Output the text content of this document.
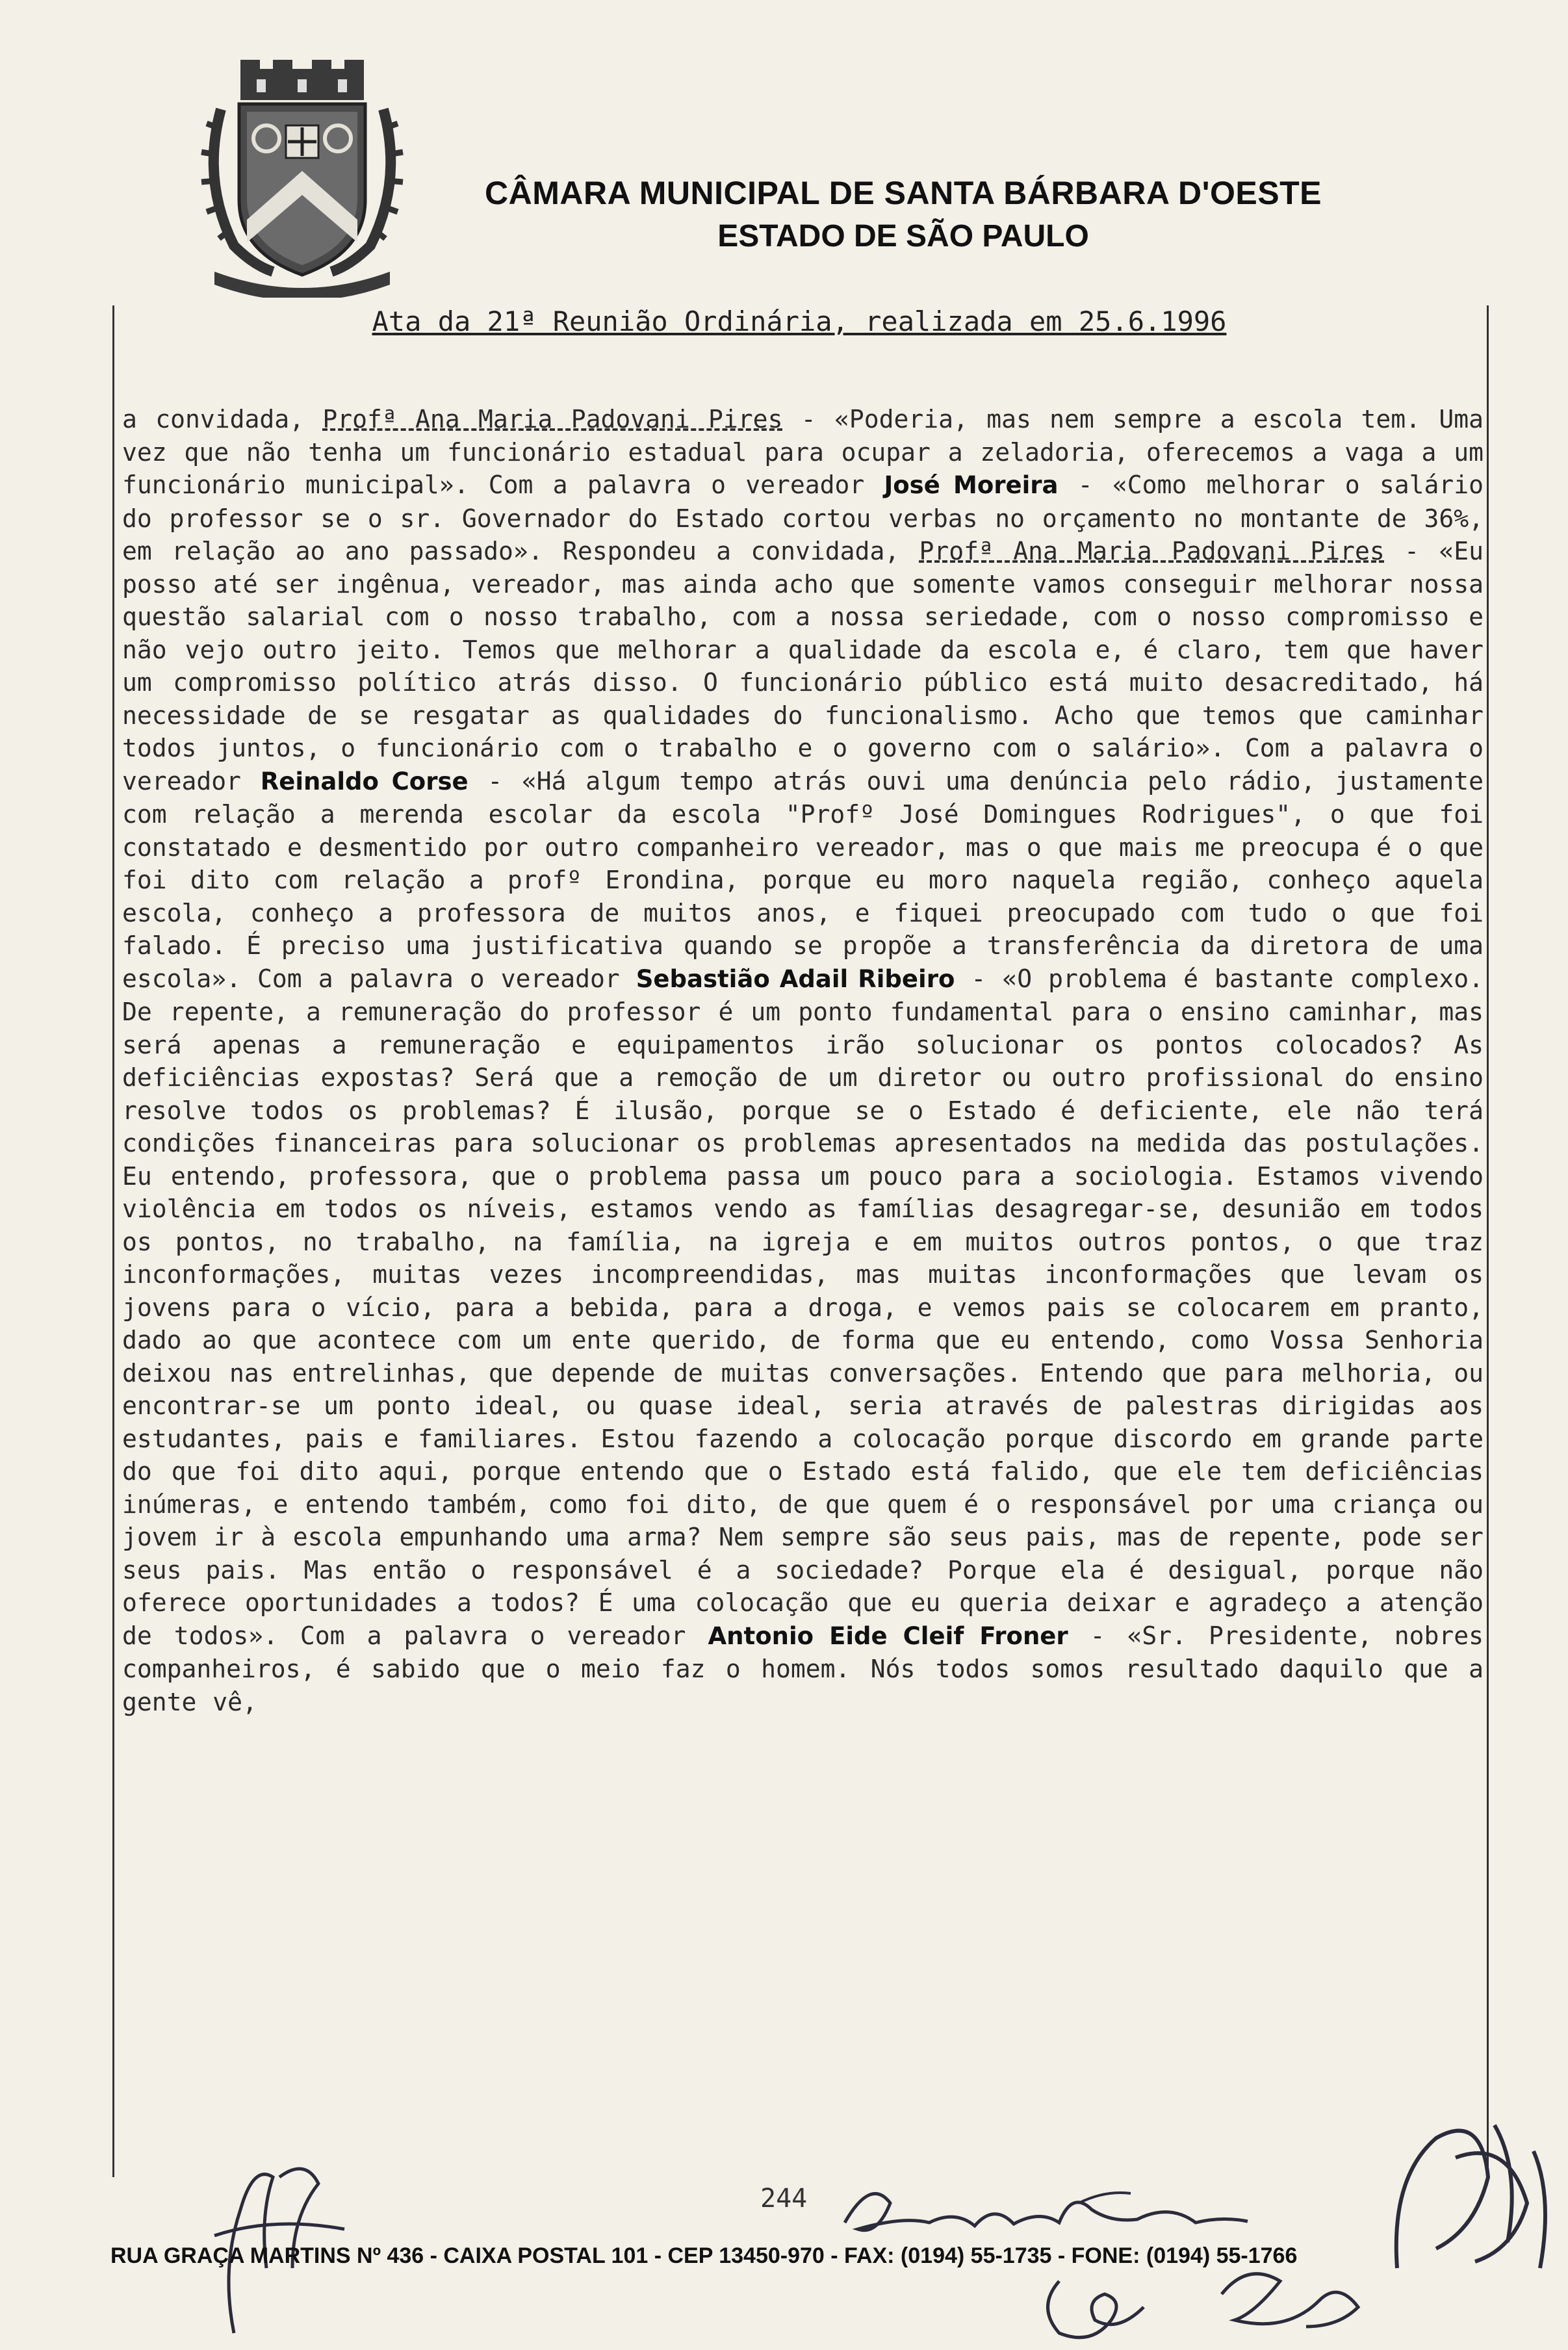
CÂMARA MUNICIPAL DE SANTA BÁRBARA D'OESTE
ESTADO DE SÃO PAULO
Ata da 21ª Reunião Ordinária, realizada em 25.6.1996

a convidada, Profª Ana Maria Padovani Pires - «Poderia, mas nem sempre a escola tem. Uma vez que não tenha um funcionário estadual para ocupar a zeladoria, oferecemos a vaga a um funcionário municipal». Com a palavra o vereador José Moreira - «Como melhorar o salário do professor se o sr. Governador do Estado cortou verbas no orçamento no montante de 36%, em relação ao ano passado». Respondeu a convidada, Profª Ana Maria Padovani Pires - «Eu posso até ser ingênua, vereador, mas ainda acho que somente vamos conseguir melhorar nossa questão salarial com o nosso trabalho, com a nossa seriedade, com o nosso compromisso e não vejo outro jeito. Temos que melhorar a qualidade da escola e, é claro, tem que haver um compromisso político atrás disso. O funcionário público está muito desacreditado, há necessidade de se resgatar as qualidades do funcionalismo. Acho que temos que caminhar todos juntos, o funcionário com o trabalho e o governo com o salário». Com a palavra o vereador Reinaldo Corse - «Há algum tempo atrás ouvi uma denúncia pelo rádio, justamente com relação a merenda escolar da escola "Profº José Domingues Rodrigues", o que foi constatado e desmentido por outro companheiro vereador, mas o que mais me preocupa é o que foi dito com relação a profº Erondina, porque eu moro naquela região, conheço aquela escola, conheço a professora de muitos anos, e fiquei preocupado com tudo o que foi falado. É preciso uma justificativa quando se propõe a transferência da diretora de uma escola». Com a palavra o vereador Sebastião Adail Ribeiro - «O problema é bastante complexo. De repente, a remuneração do professor é um ponto fundamental para o ensino caminhar, mas será apenas a remuneração e equipamentos irão solucionar os pontos colocados? As deficiências expostas? Será que a remoção de um diretor ou outro profissional do ensino resolve todos os problemas? É ilusão, porque se o Estado é deficiente, ele não terá condições financeiras para solucionar os problemas apresentados na medida das postulações. Eu entendo, professora, que o problema passa um pouco para a sociologia. Estamos vivendo violência em todos os níveis, estamos vendo as famílias desagregar-se, desunião em todos os pontos, no trabalho, na família, na igreja e em muitos outros pontos, o que traz inconformações, muitas vezes incompreendidas, mas muitas inconformações que levam os jovens para o vício, para a bebida, para a droga, e vemos pais se colocarem em pranto, dado ao que acontece com um ente querido, de forma que eu entendo, como Vossa Senhoria deixou nas entrelinhas, que depende de muitas conversações. Entendo que para melhoria, ou encontrar-se um ponto ideal, ou quase ideal, seria através de palestras dirigidas aos estudantes, pais e familiares. Estou fazendo a colocação porque discordo em grande parte do que foi dito aqui, porque entendo que o Estado está falido, que ele tem deficiências inúmeras, e entendo também, como foi dito, de que quem é o responsável por uma criança ou jovem ir à escola empunhando uma arma? Nem sempre são seus pais, mas de repente, pode ser seus pais. Mas então o responsável é a sociedade? Porque ela é desigual, porque não oferece oportunidades a todos? É uma colocação que eu queria deixar e agradeço a atenção de todos». Com a palavra o vereador Antonio Eide Cleif Froner - «Sr. Presidente, nobres companheiros, é sabido que o meio faz o homem. Nós todos somos resultado daquilo que a gente vê,

244
RUA GRAÇA MARTINS Nº 436 - CAIXA POSTAL 101 - CEP 13450-970 - FAX: (0194) 55-1735 - FONE: (0194) 55-1766
